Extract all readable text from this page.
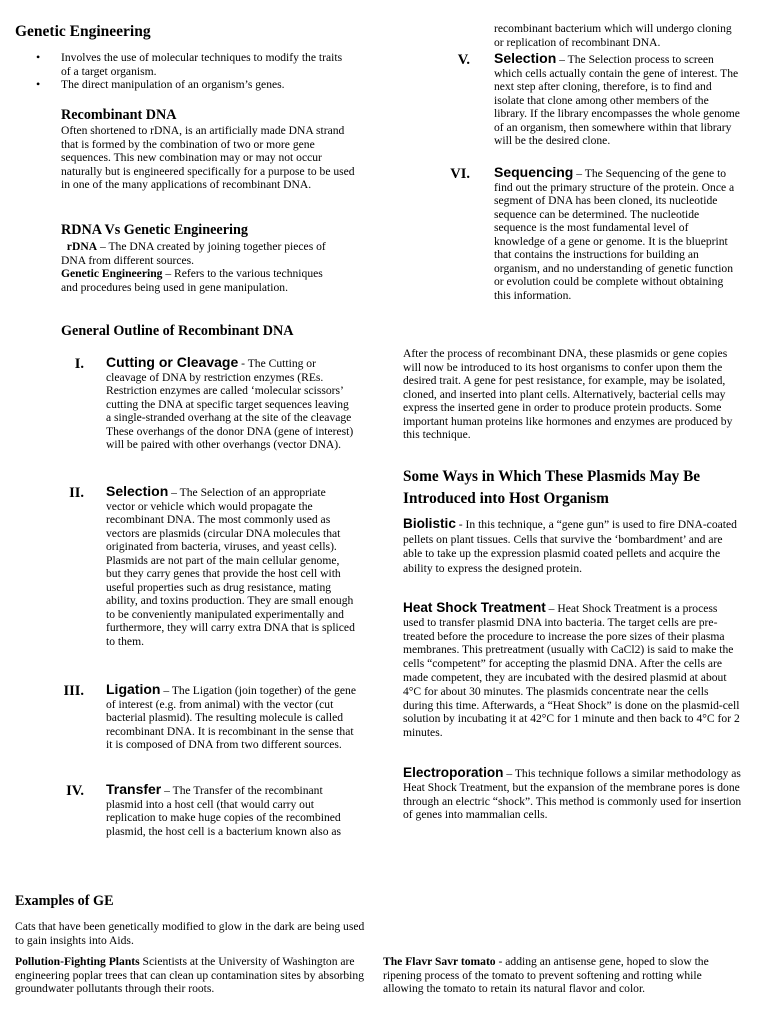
Genetic Engineering
• Involves the use of molecular techniques to modify the traits of a target organism.
• The direct manipulation of an organism’s genes.
Recombinant DNA

Often shortened to rDNA, is an artificially made DNA strand that is formed by the combination of two or more gene sequences. This new combination may or may not occur naturally but is engineered specifically for a purpose to be used in one of the many applications of recombinant DNA.

RDNA Vs Genetic Engineering

rDNA – The DNA created by joining together pieces of DNA from different sources.

Genetic Engineering – Refers to the various techniques and procedures being used in gene manipulation.

General Outline of Recombinant DNA
I. Cutting or Cleavage - The Cutting or cleavage of DNA by restriction enzymes (REs. Restriction enzymes are called ‘molecular scissors’ cutting the DNA at specific target sequences leaving a single-stranded overhang at the site of the cleavage These overhangs of the donor DNA (gene of interest) will be paired with other overhangs (vector DNA).

II. Selection – The Selection of an appropriate vector or vehicle which would propagate the recombinant DNA. The most commonly used as vectors are plasmids (circular DNA molecules that originated from bacteria, viruses, and yeast cells). Plasmids are not part of the main cellular genome, but they carry genes that provide the host cell with useful properties such as drug resistance, mating ability, and toxins production. They are small enough to be conveniently manipulated experimentally and furthermore, they will carry extra DNA that is spliced to them.

III. Ligation – The Ligation (join together) of the gene of interest (e.g. from animal) with the vector (cut bacterial plasmid). The resulting molecule is called recombinant DNA. It is recombinant in the sense that it is composed of DNA from two different sources.

IV. Transfer – The Transfer of the recombinant plasmid into a host cell (that would carry out replication to make huge copies of the recombined plasmid, the host cell is a bacterium known also as

recombinant bacterium which will undergo cloning or replication of recombinant DNA.

V. Selection – The Selection process to screen which cells actually contain the gene of interest. The next step after cloning, therefore, is to find and isolate that clone among other members of the library. If the library encompasses the whole genome of an organism, then somewhere within that library will be the desired clone.

VI. Sequencing – The Sequencing of the gene to find out the primary structure of the protein. Once a segment of DNA has been cloned, its nucleotide sequence can be determined. The nucleotide sequence is the most fundamental level of knowledge of a gene or genome. It is the blueprint that contains the instructions for building an organism, and no understanding of genetic function or evolution could be complete without obtaining this information.

After the process of recombinant DNA, these plasmids or gene copies will now be introduced to its host organisms to confer upon them the desired trait. A gene for pest resistance, for example, may be isolated, cloned, and inserted into plant cells. Alternatively, bacterial cells may express the inserted gene in order to produce protein products. Some important human proteins like hormones and enzymes are produced by this technique.

Some Ways in Which These Plasmids May Be Introduced into Host Organism

Biolistic - In this technique, a “gene gun” is used to fire DNA-coated pellets on plant tissues. Cells that survive the ‘bombardment’ and are able to take up the expression plasmid coated pellets and acquire the ability to express the designed protein.

Heat Shock Treatment – Heat Shock Treatment is a process used to transfer plasmid DNA into bacteria. The target cells are pre-treated before the procedure to increase the pore sizes of their plasma membranes. This pretreatment (usually with CaCl2) is said to make the cells “competent” for accepting the plasmid DNA. After the cells are made competent, they are incubated with the desired plasmid at about 4°C for about 30 minutes. The plasmids concentrate near the cells during this time. Afterwards, a “Heat Shock” is done on the plasmid-cell solution by incubating it at 42°C for 1 minute and then back to 4°C for 2 minutes.

Electroporation – This technique follows a similar methodology as Heat Shock Treatment, but the expansion of the membrane pores is done through an electric “shock”. This method is commonly used for insertion of genes into mammalian cells.

Examples of GE

Cats that have been genetically modified to glow in the dark are being used to gain insights into Aids.

Pollution-Fighting Plants Scientists at the University of Washington are engineering poplar trees that can clean up contamination sites by absorbing groundwater pollutants through their roots.

The Flavr Savr tomato - adding an antisense gene, hoped to slow the ripening process of the tomato to prevent softening and rotting while allowing the tomato to retain its natural flavor and color.
